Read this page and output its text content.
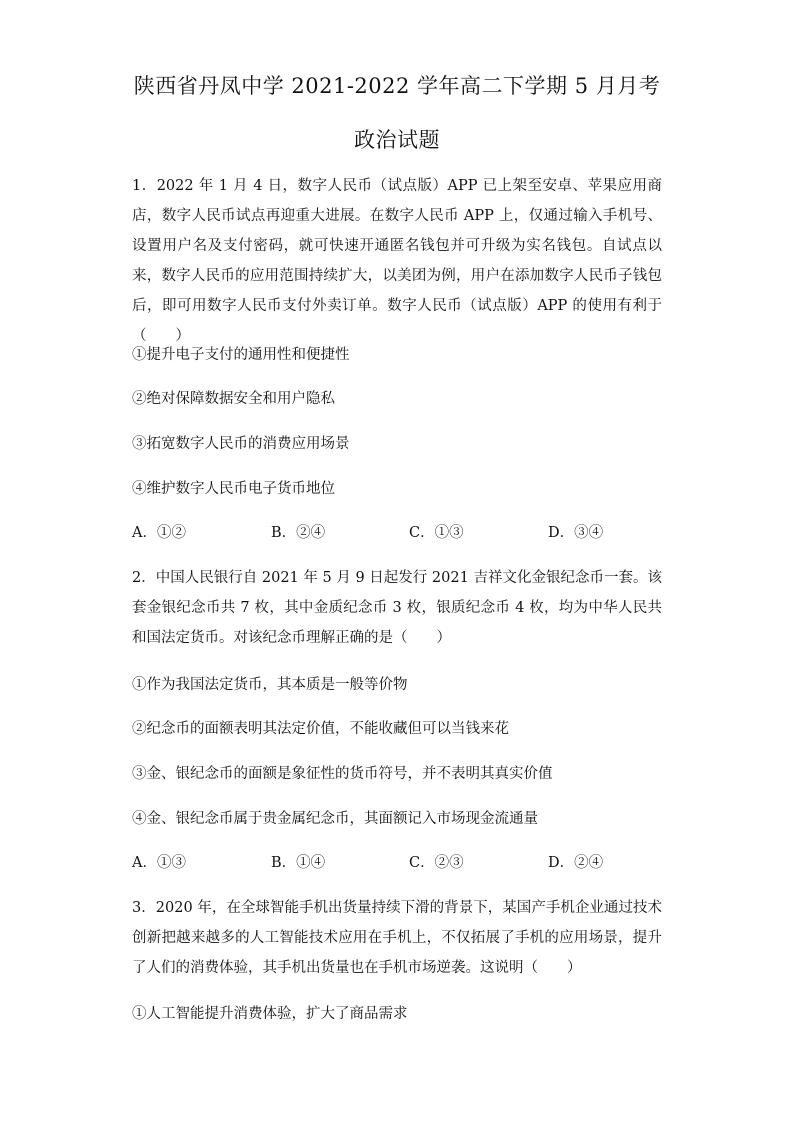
陕西省丹凤中学 2021-2022 学年高二下学期 5 月月考
政治试题
1．2022 年 1 月 4 日，数字人民币（试点版）APP 已上架至安卓、苹果应用商店，数字人民币试点再迎重大进展。在数字人民币 APP 上，仅通过输入手机号、设置用户名及支付密码，就可快速开通匿名钱包并可升级为实名钱包。自试点以来，数字人民币的应用范围持续扩大，以美团为例，用户在添加数字人民币子钱包后，即可用数字人民币支付外卖订单。数字人民币（试点版）APP 的使用有利于（　　）
①提升电子支付的通用性和便捷性
②绝对保障数据安全和用户隐私
③拓宽数字人民币的消费应用场景
④维护数字人民币电子货币地位
A．①②	B．②④	C．①③	D．③④
2．中国人民银行自 2021 年 5 月 9 日起发行 2021 吉祥文化金银纪念币一套。该套金银纪念币共 7 枚，其中金质纪念币 3 枚，银质纪念币 4 枚，均为中华人民共和国法定货币。对该纪念币理解正确的是（　　）
①作为我国法定货币，其本质是一般等价物
②纪念币的面额表明其法定价值，不能收藏但可以当钱来花
③金、银纪念币的面额是象征性的货币符号，并不表明其真实价值
④金、银纪念币属于贵金属纪念币，其面额记入市场现金流通量
A．①③	B．①④	C．②③	D．②④
3．2020 年，在全球智能手机出货量持续下滑的背景下，某国产手机企业通过技术创新把越来越多的人工智能技术应用在手机上，不仅拓展了手机的应用场景，提升了人们的消费体验，其手机出货量也在手机市场逆袭。这说明（　　）
①人工智能提升消费体验，扩大了商品需求
